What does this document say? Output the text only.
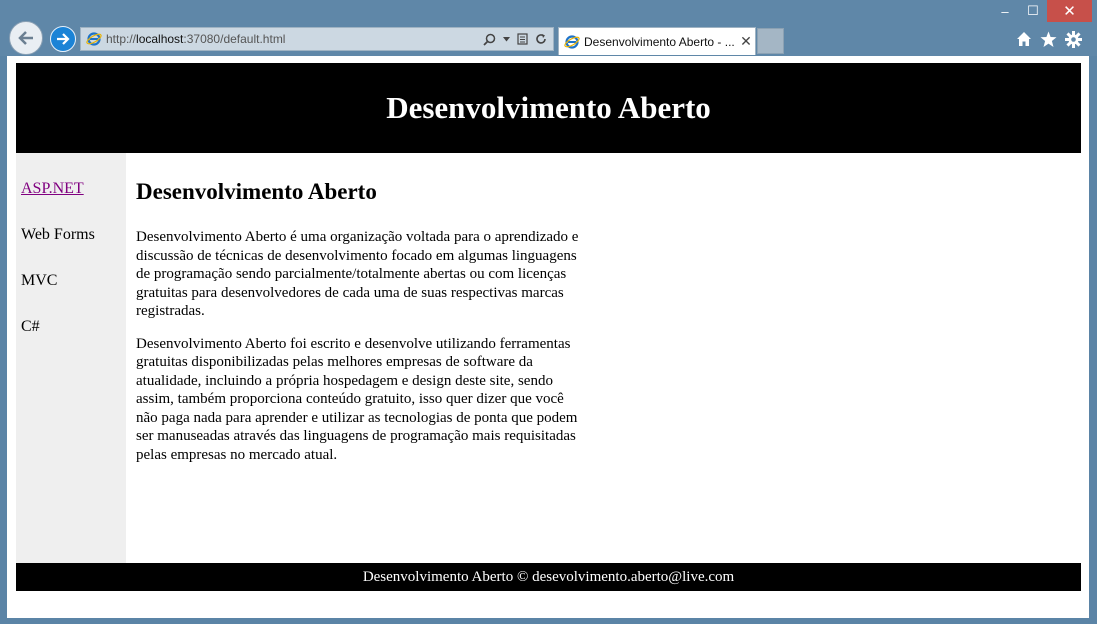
‒	☐	✕
http://localhost:37080/default.html	Desenvolvimento Aberto - ... ✕
Desenvolvimento Aberto
ASP.NET
Web Forms
MVC
C#
Desenvolvimento Aberto

Desenvolvimento Aberto é uma organização voltada para o aprendizado e discussão de técnicas de desenvolvimento focado em algumas linguagens de programação sendo parcialmente/totalmente abertas ou com licenças gratuitas para desenvolvedores de cada uma de suas respectivas marcas registradas.

Desenvolvimento Aberto foi escrito e desenvolve utilizando ferramentas gratuitas disponibilizadas pelas melhores empresas de software da atualidade, incluindo a própria hospedagem e design deste site, sendo assim, também proporciona conteúdo gratuito, isso quer dizer que você não paga nada para aprender e utilizar as tecnologias de ponta que podem ser manuseadas através das linguagens de programação mais requisitadas pelas empresas no mercado atual.

Desenvolvimento Aberto © desevolvimento.aberto@live.com
